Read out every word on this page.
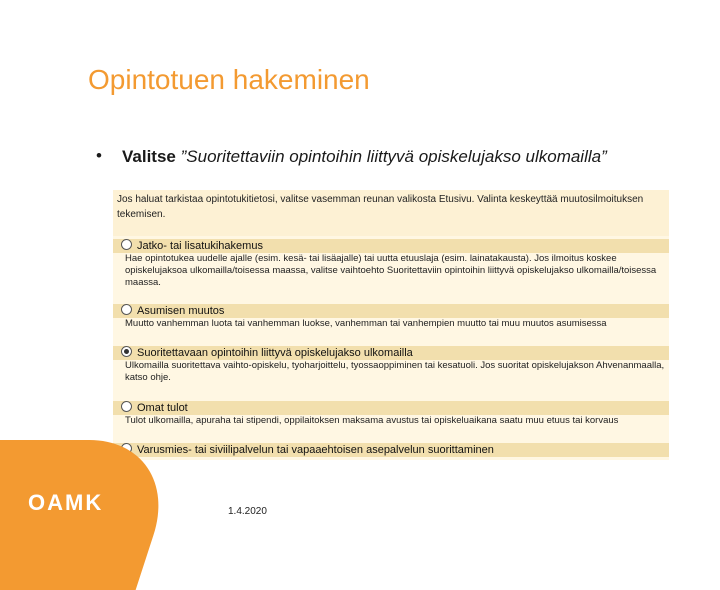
Opintotuen hakeminen
• Valitse ”Suoritettaviin opintoihin liittyvä opiskelujakso ulkomailla”
Jos haluat tarkistaa opintotukitietosi, valitse vasemman reunan valikosta Etusivu. Valinta keskeyttää muutosilmoituksen tekemisen.
Jatko- tai lisatukihakemus
Hae opintotukea uudelle ajalle (esim. kesä- tai lisäajalle) tai uutta etuuslaja (esim. lainatakausta). Jos ilmoitus koskee opiskelujaksoa ulkomailla/toisessa maassa, valitse vaihtoehto Suoritettaviin opintoihin liittyvä opiskelujakso ulkomailla/toisessa maassa.
Asumisen muutos
Muutto vanhemman luota tai vanhemman luokse, vanhemman tai vanhempien muutto tai muu muutos asumisessa
Suoritettavaan opintoihin liittyvä opiskelujakso ulkomailla
Ulkomailla suoritettava vaihto-opiskelu, tyoharjoittelu, tyossaoppiminen tai kesatuoli. Jos suoritat opiskelujakson Ahvenanmaalla, katso ohje.
Omat tulot
Tulot ulkomailla, apuraha tai stipendi, oppilaitoksen maksama avustus tai opiskeluaikana saatu muu etuus tai korvaus
Varusmies- tai siviilipalvelun tai vapaaehtoisen asepalvelun suorittaminen
OAMK	1.4.2020
